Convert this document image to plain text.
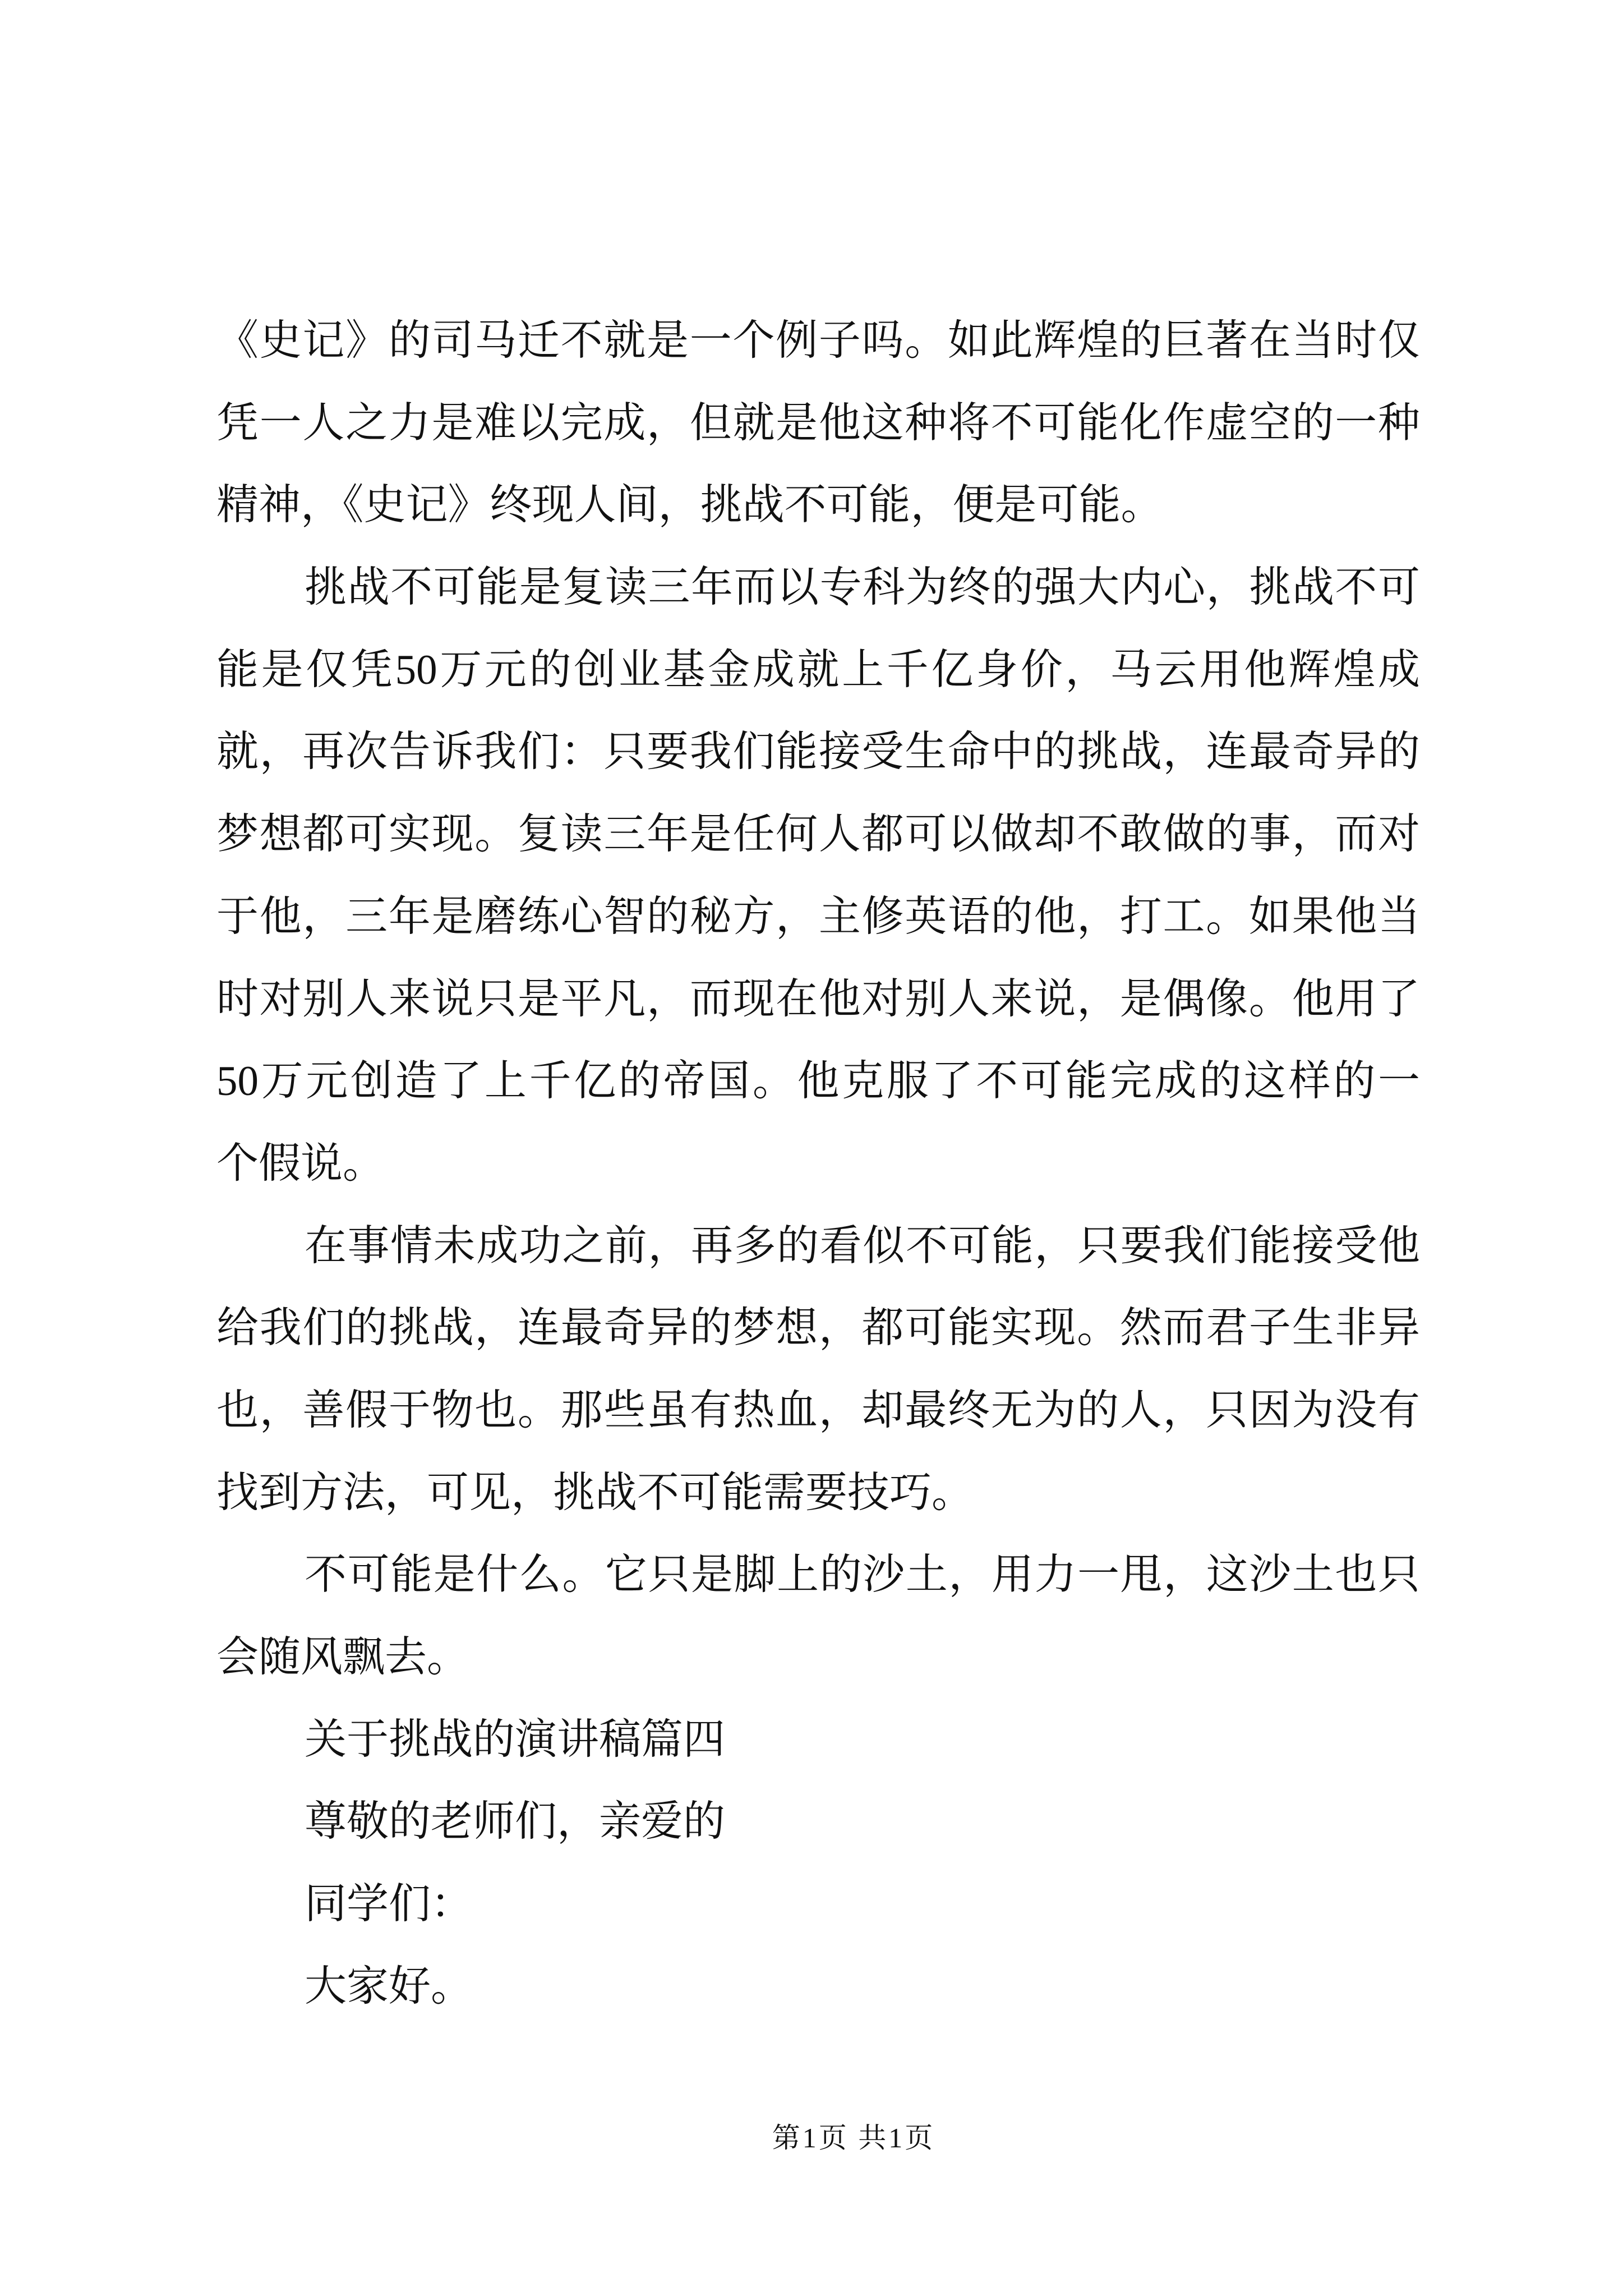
《史记》的司马迁不就是一个例子吗。如此辉煌的巨著在当时仅
凭一人之力是难以完成，但就是他这种将不可能化作虚空的一种
精神，《史记》终现人间，挑战不可能，便是可能。
挑战不可能是复读三年而以专科为终的强大内心，挑战不可
能是仅凭50万元的创业基金成就上千亿身价，马云用他辉煌成
就，再次告诉我们：只要我们能接受生命中的挑战，连最奇异的
梦想都可实现。复读三年是任何人都可以做却不敢做的事，而对
于他，三年是磨练心智的秘方，主修英语的他，打工。如果他当
时对别人来说只是平凡，而现在他对别人来说，是偶像。他用了
50万元创造了上千亿的帝国。他克服了不可能完成的这样的一
个假说。
在事情未成功之前，再多的看似不可能，只要我们能接受他
给我们的挑战，连最奇异的梦想，都可能实现。然而君子生非异
也，善假于物也。那些虽有热血，却最终无为的人，只因为没有
找到方法，可见，挑战不可能需要技巧。
不可能是什么。它只是脚上的沙土，用力一甩，这沙土也只
会随风飘去。
关于挑战的演讲稿篇四
尊敬的老师们，亲爱的
同学们：
大家好。
第1页 共1页
